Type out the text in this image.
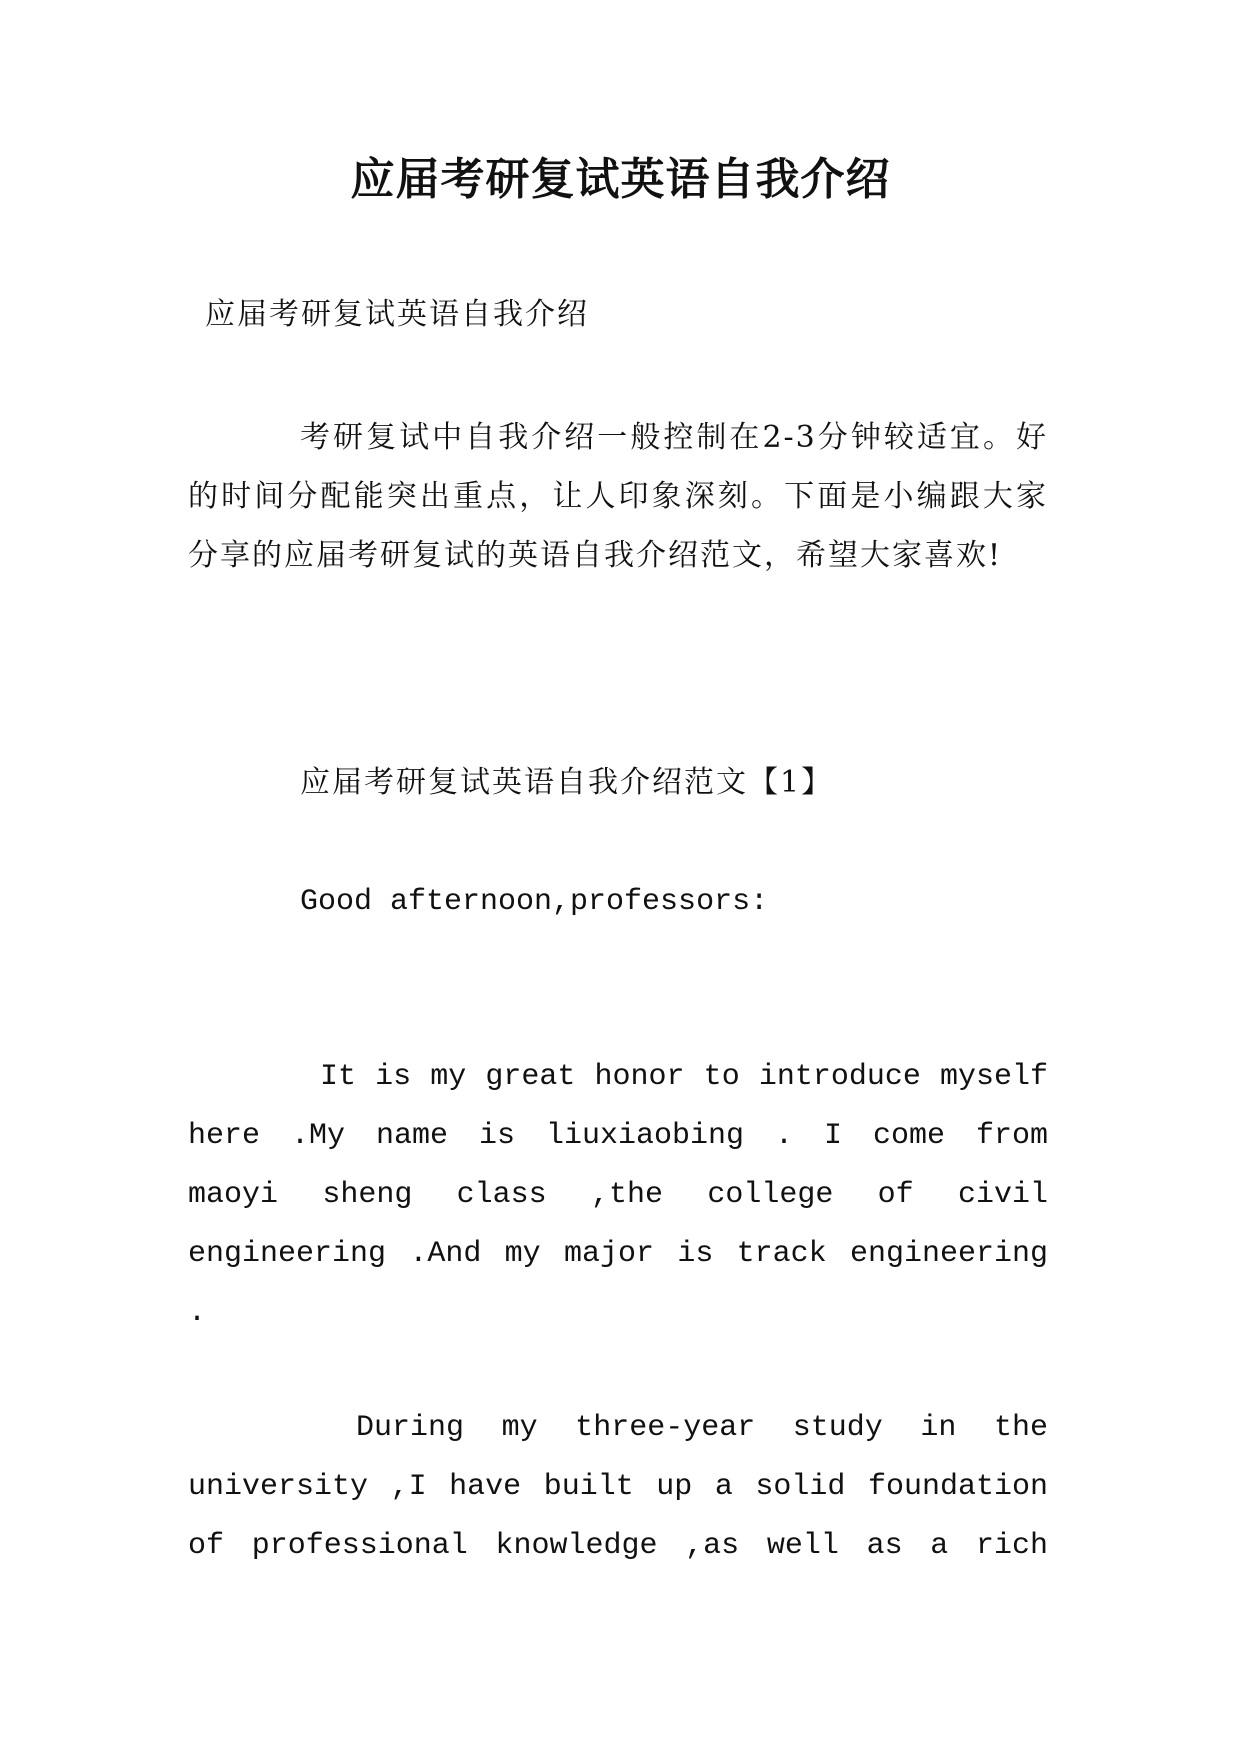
应届考研复试英语自我介绍
应届考研复试英语自我介绍
考研复试中自我介绍一般控制在2-3分钟较适宜。好的时间分配能突出重点，让人印象深刻。下面是小编跟大家分享的应届考研复试的英语自我介绍范文，希望大家喜欢!
应届考研复试英语自我介绍范文【1】
Good afternoon,professors:
It is my great honor to introduce myself here .My name is liuxiaobing . I come from maoyi sheng class ,the college of civil engineering .And my major is track engineering .
During my three-year study in the university ,I have built up a solid foundation of professional knowledge ,as well as a rich
